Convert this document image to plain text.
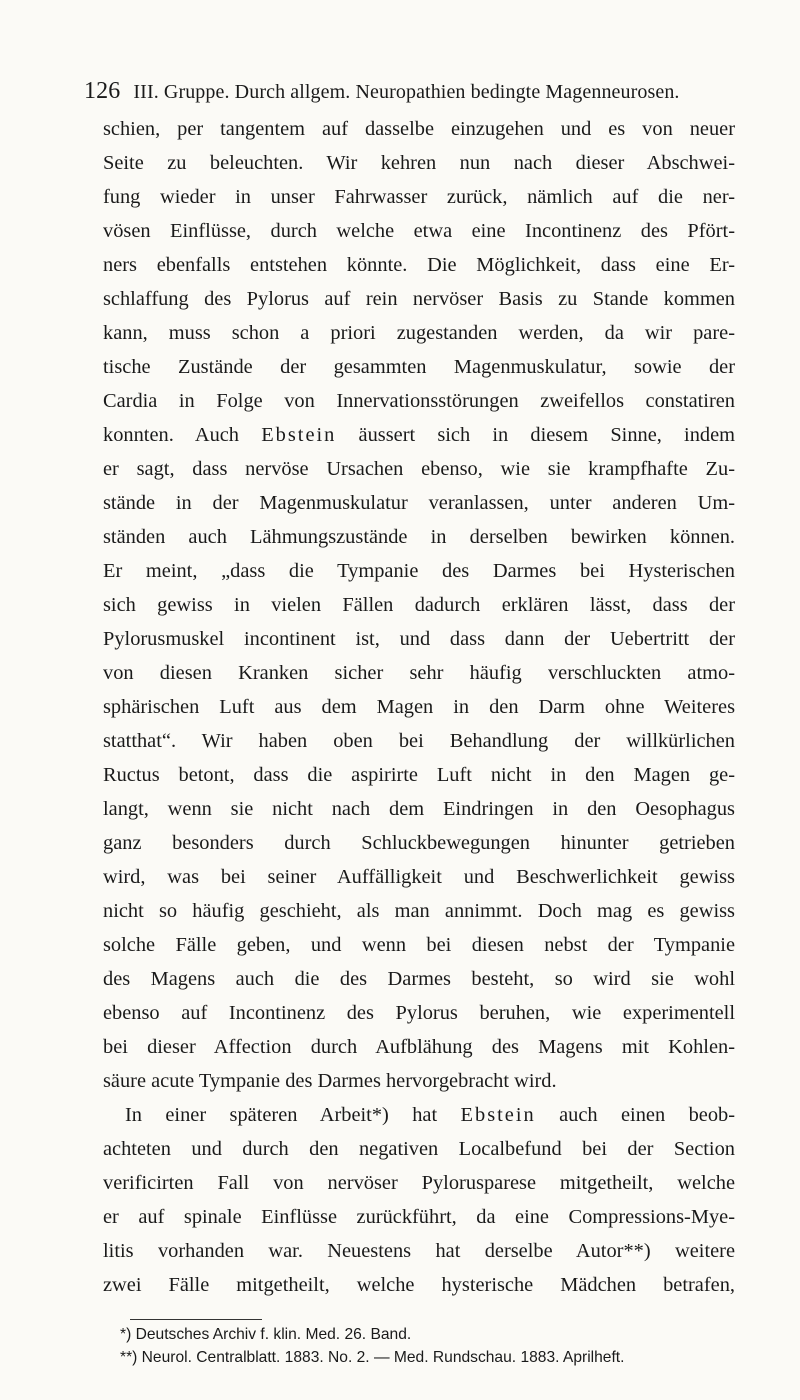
126 III. Gruppe. Durch allgem. Neuropathien bedingte Magenneurosen.
schien, per tangentem auf dasselbe einzugehen und es von neuer
Seite zu beleuchten. Wir kehren nun nach dieser Abschwei-
fung wieder in unser Fahrwasser zurück, nämlich auf die ner-
vösen Einflüsse, durch welche etwa eine Incontinenz des Pfört-
ners ebenfalls entstehen könnte. Die Möglichkeit, dass eine Er-
schlaffung des Pylorus auf rein nervöser Basis zu Stande kommen
kann, muss schon a priori zugestanden werden, da wir pare-
tische Zustände der gesammten Magenmuskulatur, sowie der
Cardia in Folge von Innervationsstörungen zweifellos constatiren
konnten. Auch Ebstein äussert sich in diesem Sinne, indem
er sagt, dass nervöse Ursachen ebenso, wie sie krampfhafte Zu-
stände in der Magenmuskulatur veranlassen, unter anderen Um-
ständen auch Lähmungszustände in derselben bewirken können.
Er meint, „dass die Tympanie des Darmes bei Hysterischen
sich gewiss in vielen Fällen dadurch erklären lässt, dass der
Pylorusmuskel incontinent ist, und dass dann der Uebertritt der
von diesen Kranken sicher sehr häufig verschluckten atmo-
sphärischen Luft aus dem Magen in den Darm ohne Weiteres
statthat“. Wir haben oben bei Behandlung der willkürlichen
Ructus betont, dass die aspirirte Luft nicht in den Magen ge-
langt, wenn sie nicht nach dem Eindringen in den Oesophagus
ganz besonders durch Schluckbewegungen hinunter getrieben
wird, was bei seiner Auffälligkeit und Beschwerlichkeit gewiss
nicht so häufig geschieht, als man annimmt. Doch mag es gewiss
solche Fälle geben, und wenn bei diesen nebst der Tympanie
des Magens auch die des Darmes besteht, so wird sie wohl
ebenso auf Incontinenz des Pylorus beruhen, wie experimentell
bei dieser Affection durch Aufblähung des Magens mit Kohlen-
säure acute Tympanie des Darmes hervorgebracht wird.
In einer späteren Arbeit*) hat Ebstein auch einen beob-
achteten und durch den negativen Localbefund bei der Section
verificirten Fall von nervöser Pylorusparese mitgetheilt, welche
er auf spinale Einflüsse zurückführt, da eine Compressions-Mye-
litis vorhanden war. Neuestens hat derselbe Autor**) weitere
zwei Fälle mitgetheilt, welche hysterische Mädchen betrafen,
*) Deutsches Archiv f. klin. Med. 26. Band.
**) Neurol. Centralblatt. 1883. No. 2. — Med. Rundschau. 1883. Aprilheft.
